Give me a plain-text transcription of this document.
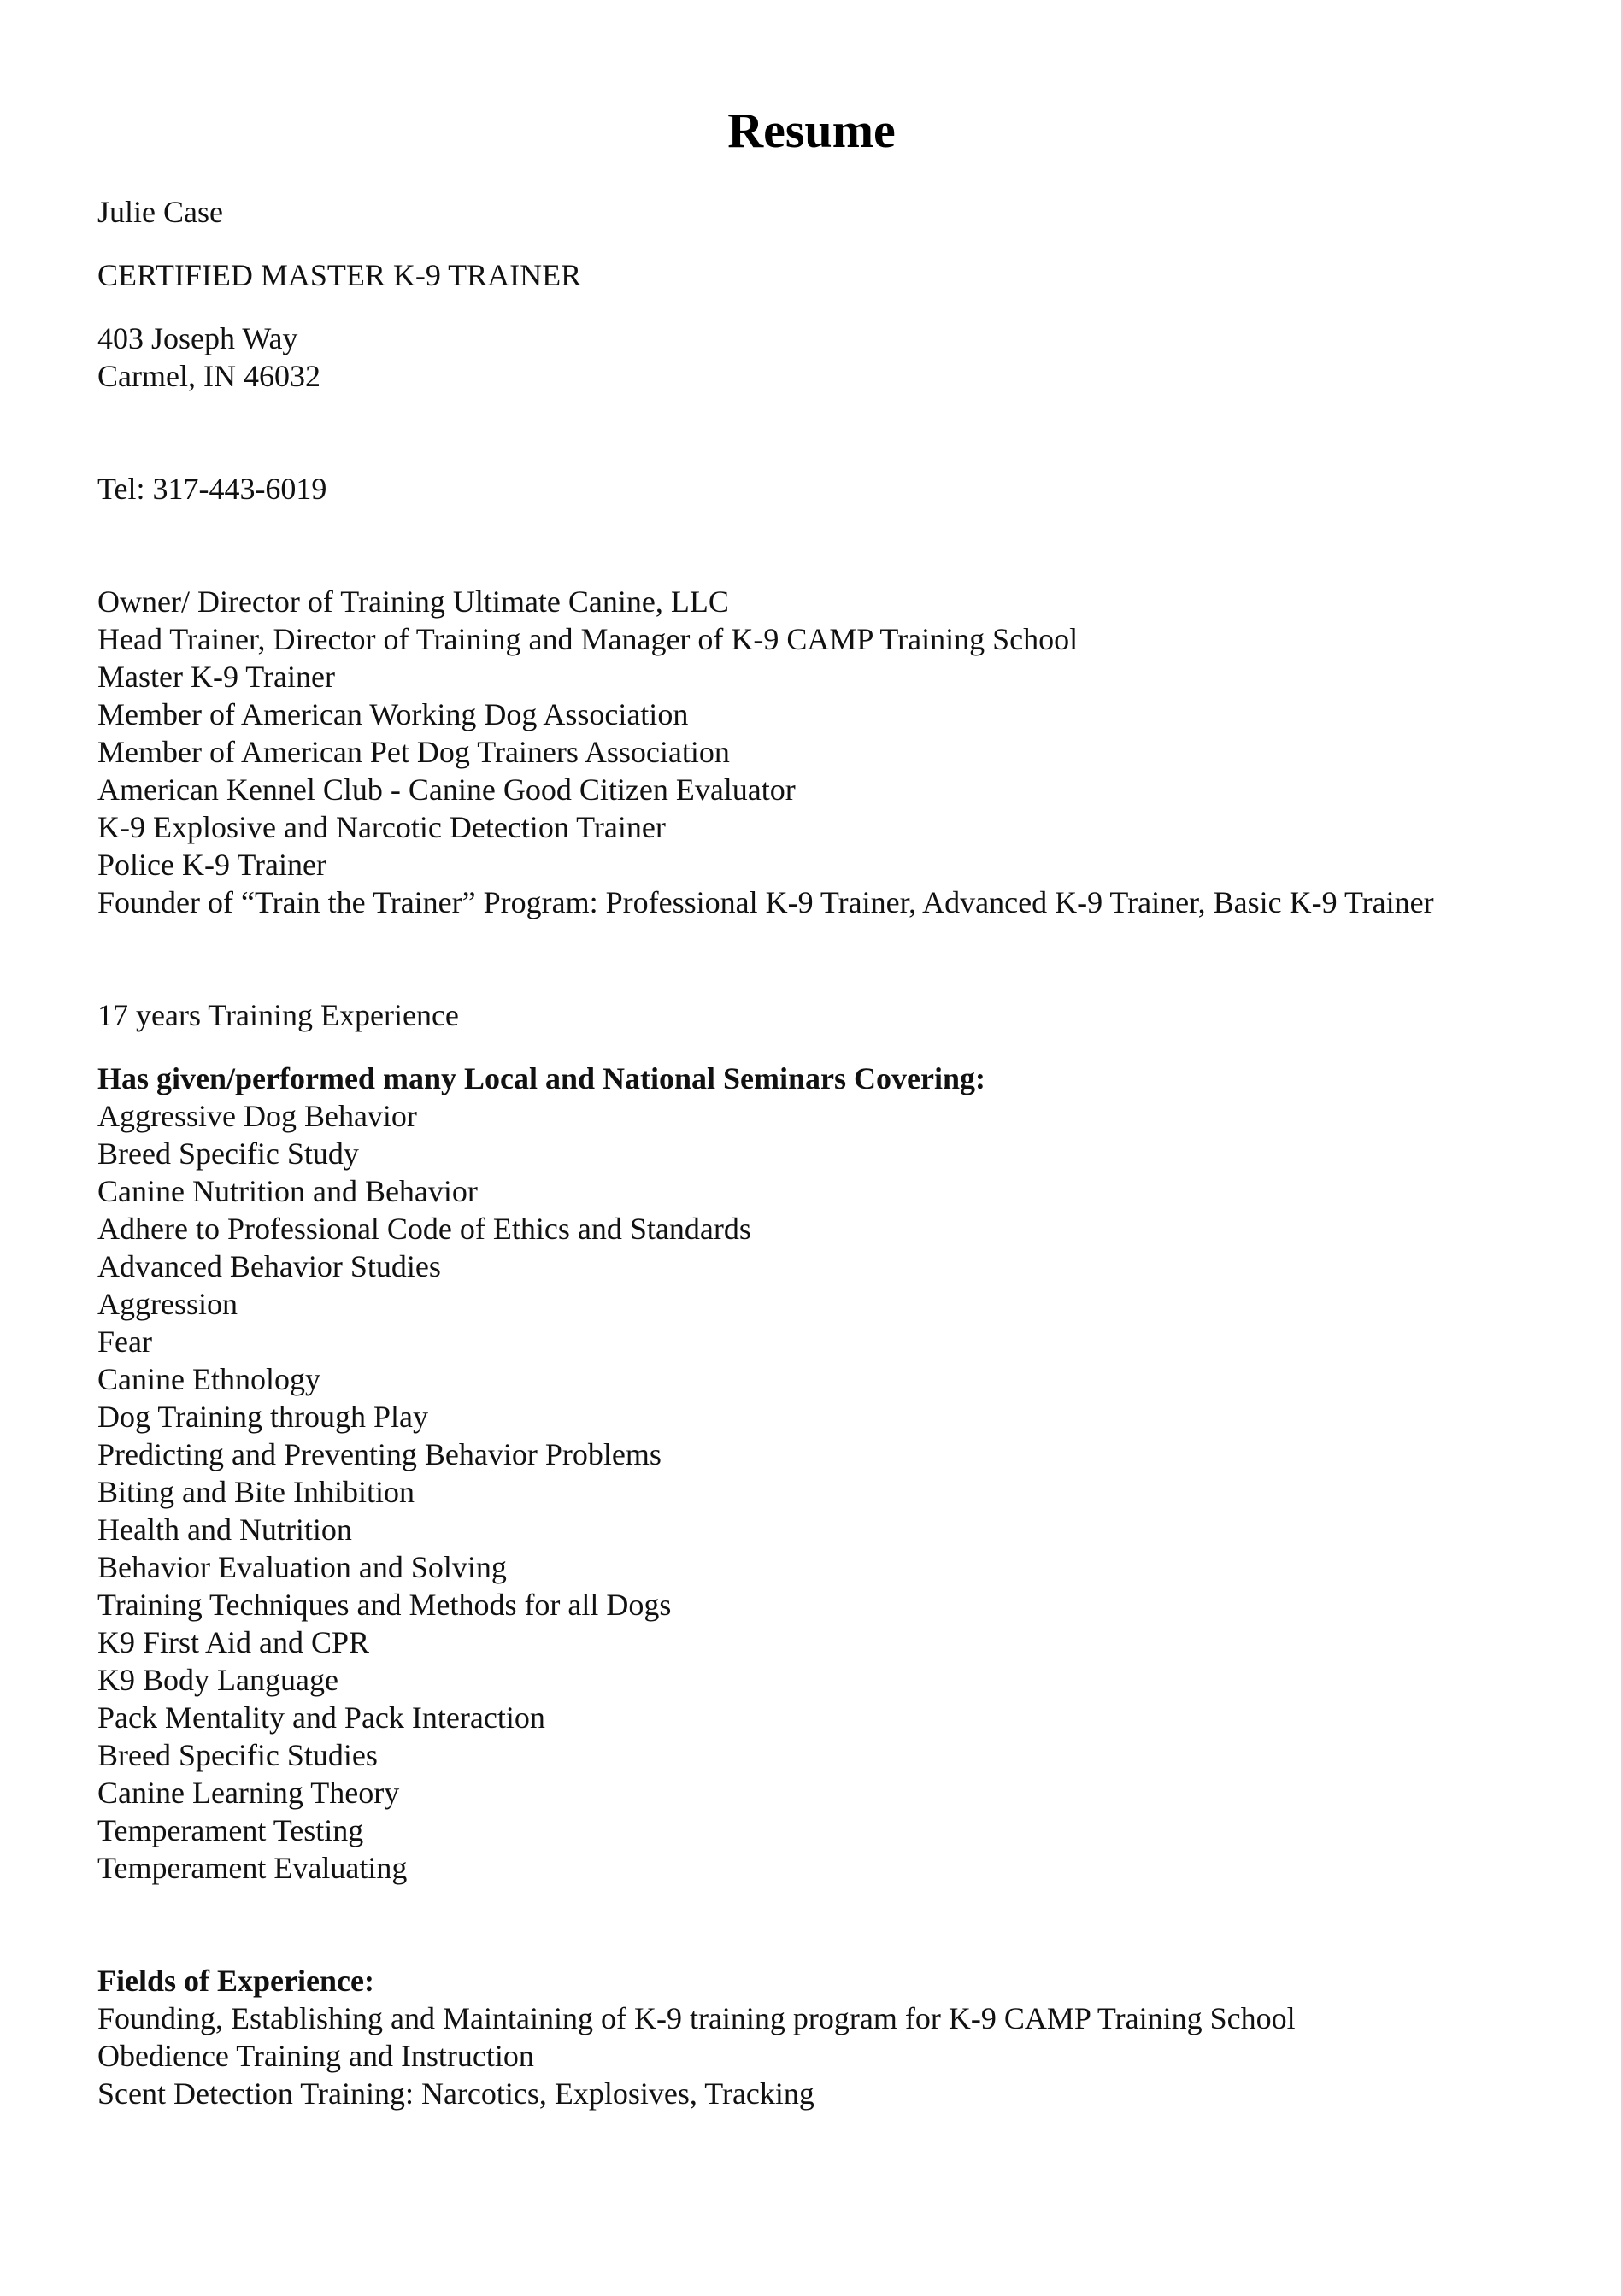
Resume
Julie Case
CERTIFIED MASTER K-9 TRAINER
403 Joseph Way
Carmel, IN 46032
Tel: 317-443-6019
Owner/ Director of Training Ultimate Canine, LLC
Head Trainer, Director of Training and Manager of K-9 CAMP Training School
Master K-9 Trainer
Member of American Working Dog Association
Member of American Pet Dog Trainers Association
American Kennel Club - Canine Good Citizen Evaluator
K-9 Explosive and Narcotic Detection Trainer
Police K-9 Trainer
Founder of “Train the Trainer” Program: Professional K-9 Trainer, Advanced K-9 Trainer, Basic K-9 Trainer
17 years Training Experience
Has given/performed many Local and National Seminars Covering:
Aggressive Dog Behavior
Breed Specific Study
Canine Nutrition and Behavior
Adhere to Professional Code of Ethics and Standards
Advanced Behavior Studies
Aggression
Fear
Canine Ethnology
Dog Training through Play
Predicting and Preventing Behavior Problems
Biting and Bite Inhibition
Health and Nutrition
Behavior Evaluation and Solving
Training Techniques and Methods for all Dogs
K9 First Aid and CPR
K9 Body Language
Pack Mentality and Pack Interaction
Breed Specific Studies
Canine Learning Theory
Temperament Testing
Temperament Evaluating
Fields of Experience:
Founding, Establishing and Maintaining of K-9 training program for K-9 CAMP Training School
Obedience Training and Instruction
Scent Detection Training: Narcotics, Explosives, Tracking
